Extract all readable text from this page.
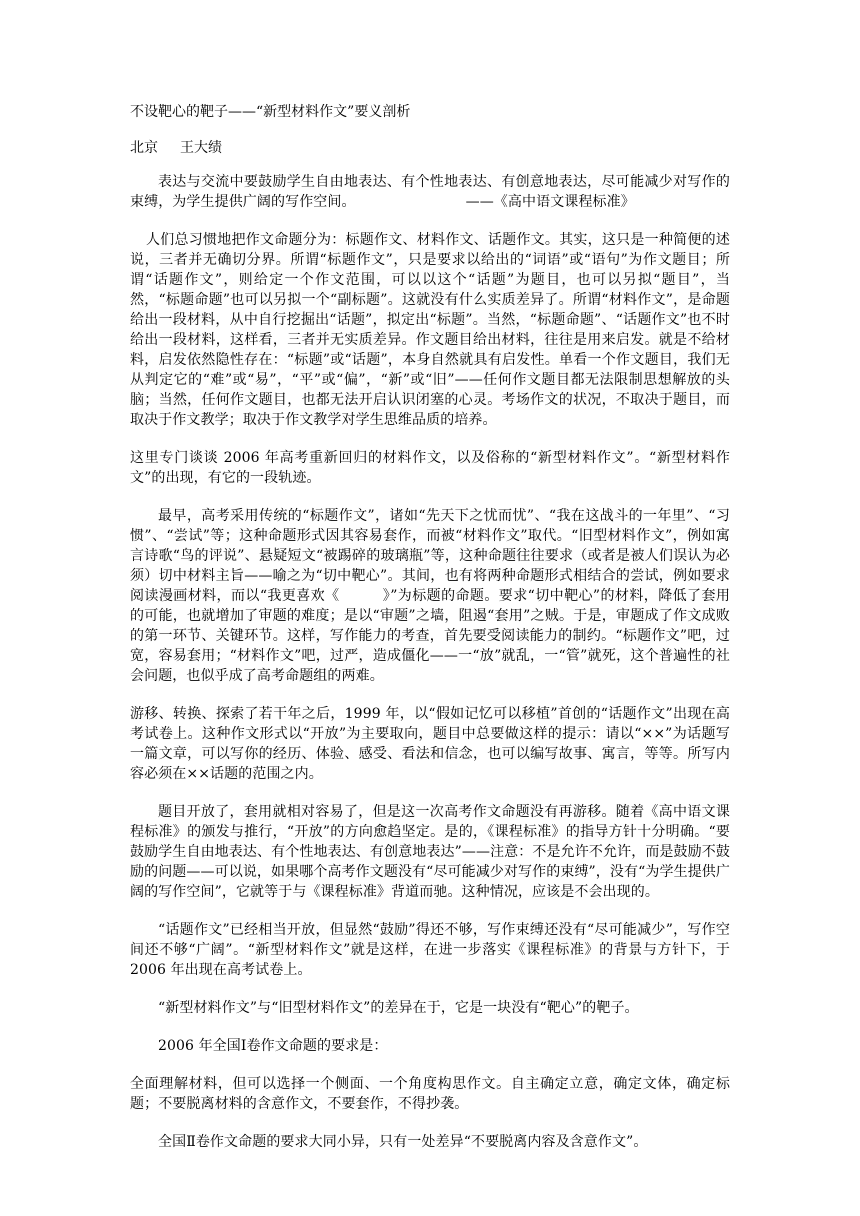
不设靶心的靶子——“新型材料作文”要义剖析
北京 王大绩

表达与交流中要鼓励学生自由地表达、有个性地表达、有创意地表达，尽可能减少对写作的束缚，为学生提供广阔的写作空间。	——《高中语文课程标准》

人们总习惯地把作文命题分为：标题作文、材料作文、话题作文。其实，这只是一种简便的述说，三者并无确切分界。所谓“标题作文”，只是要求以给出的“词语”或“语句”为作文题目；所谓“话题作文”，则给定一个作文范围，可以以这个“话题”为题目，也可以另拟“题目”，当然，“标题命题”也可以另拟一个“副标题”。这就没有什么实质差异了。所谓“材料作文”，是命题给出一段材料，从中自行挖掘出“话题”，拟定出“标题”。当然，“标题命题”、“话题作文”也不时给出一段材料，这样看，三者并无实质差异。作文题目给出材料，往往是用来启发。就是不给材料，启发依然隐性存在：“标题”或“话题”，本身自然就具有启发性。单看一个作文题目，我们无从判定它的“难”或“易”，“平”或“偏”，“新”或“旧”——任何作文题目都无法限制思想解放的头脑；当然，任何作文题目，也都无法开启认识闭塞的心灵。考场作文的状况，不取决于题目，而取决于作文教学；取决于作文教学对学生思维品质的培养。

这里专门谈谈 2006 年高考重新回归的材料作文，以及俗称的“新型材料作文”。“新型材料作文”的出现，有它的一段轨迹。

最早，高考采用传统的“标题作文”，诸如“先天下之忧而忧”、“我在这战斗的一年里”、“习惯”、“尝试”等；这种命题形式因其容易套作，而被“材料作文”取代。“旧型材料作文”，例如寓言诗歌“鸟的评说”、悬疑短文“被踢碎的玻璃瓶”等，这种命题往往要求（或者是被人们误认为必须）切中材料主旨——喻之为“切中靶心”。其间，也有将两种命题形式相结合的尝试，例如要求阅读漫画材料，而以“我更喜欢《　　　》”为标题的命题。要求“切中靶心”的材料，降低了套用的可能，也就增加了审题的难度；是以“审题”之墙，阻遏“套用”之贼。于是，审题成了作文成败的第一环节、关键环节。这样，写作能力的考查，首先要受阅读能力的制约。“标题作文”吧，过宽，容易套用；“材料作文”吧，过严，造成僵化——一“放”就乱，一“管”就死，这个普遍性的社会问题，也似乎成了高考命题组的两难。

游移、转换、探索了若干年之后，1999 年，以“假如记忆可以移植”首创的“话题作文”出现在高考试卷上。这种作文形式以“开放”为主要取向，题目中总要做这样的提示：请以“××”为话题写一篇文章，可以写你的经历、体验、感受、看法和信念，也可以编写故事、寓言，等等。所写内容必须在××话题的范围之内。

题目开放了，套用就相对容易了，但是这一次高考作文命题没有再游移。随着《高中语文课程标准》的颁发与推行，“开放”的方向愈趋坚定。是的，《课程标准》的指导方针十分明确。“要鼓励学生自由地表达、有个性地表达、有创意地表达”——注意：不是允许不允许，而是鼓励不鼓励的问题——可以说，如果哪个高考作文题没有“尽可能减少对写作的束缚”，没有“为学生提供广阔的写作空间”，它就等于与《课程标准》背道而驰。这种情况，应该是不会出现的。

“话题作文”已经相当开放，但显然“鼓励”得还不够，写作束缚还没有“尽可能减少”，写作空间还不够“广阔”。“新型材料作文”就是这样，在进一步落实《课程标准》的背景与方针下，于 2006 年出现在高考试卷上。

“新型材料作文”与“旧型材料作文”的差异在于，它是一块没有“靶心”的靶子。

2006 年全国Ⅰ卷作文命题的要求是：

全面理解材料，但可以选择一个侧面、一个角度构思作文。自主确定立意，确定文体，确定标题；不要脱离材料的含意作文，不要套作，不得抄袭。

全国Ⅱ卷作文命题的要求大同小异，只有一处差异“不要脱离内容及含意作文”。
